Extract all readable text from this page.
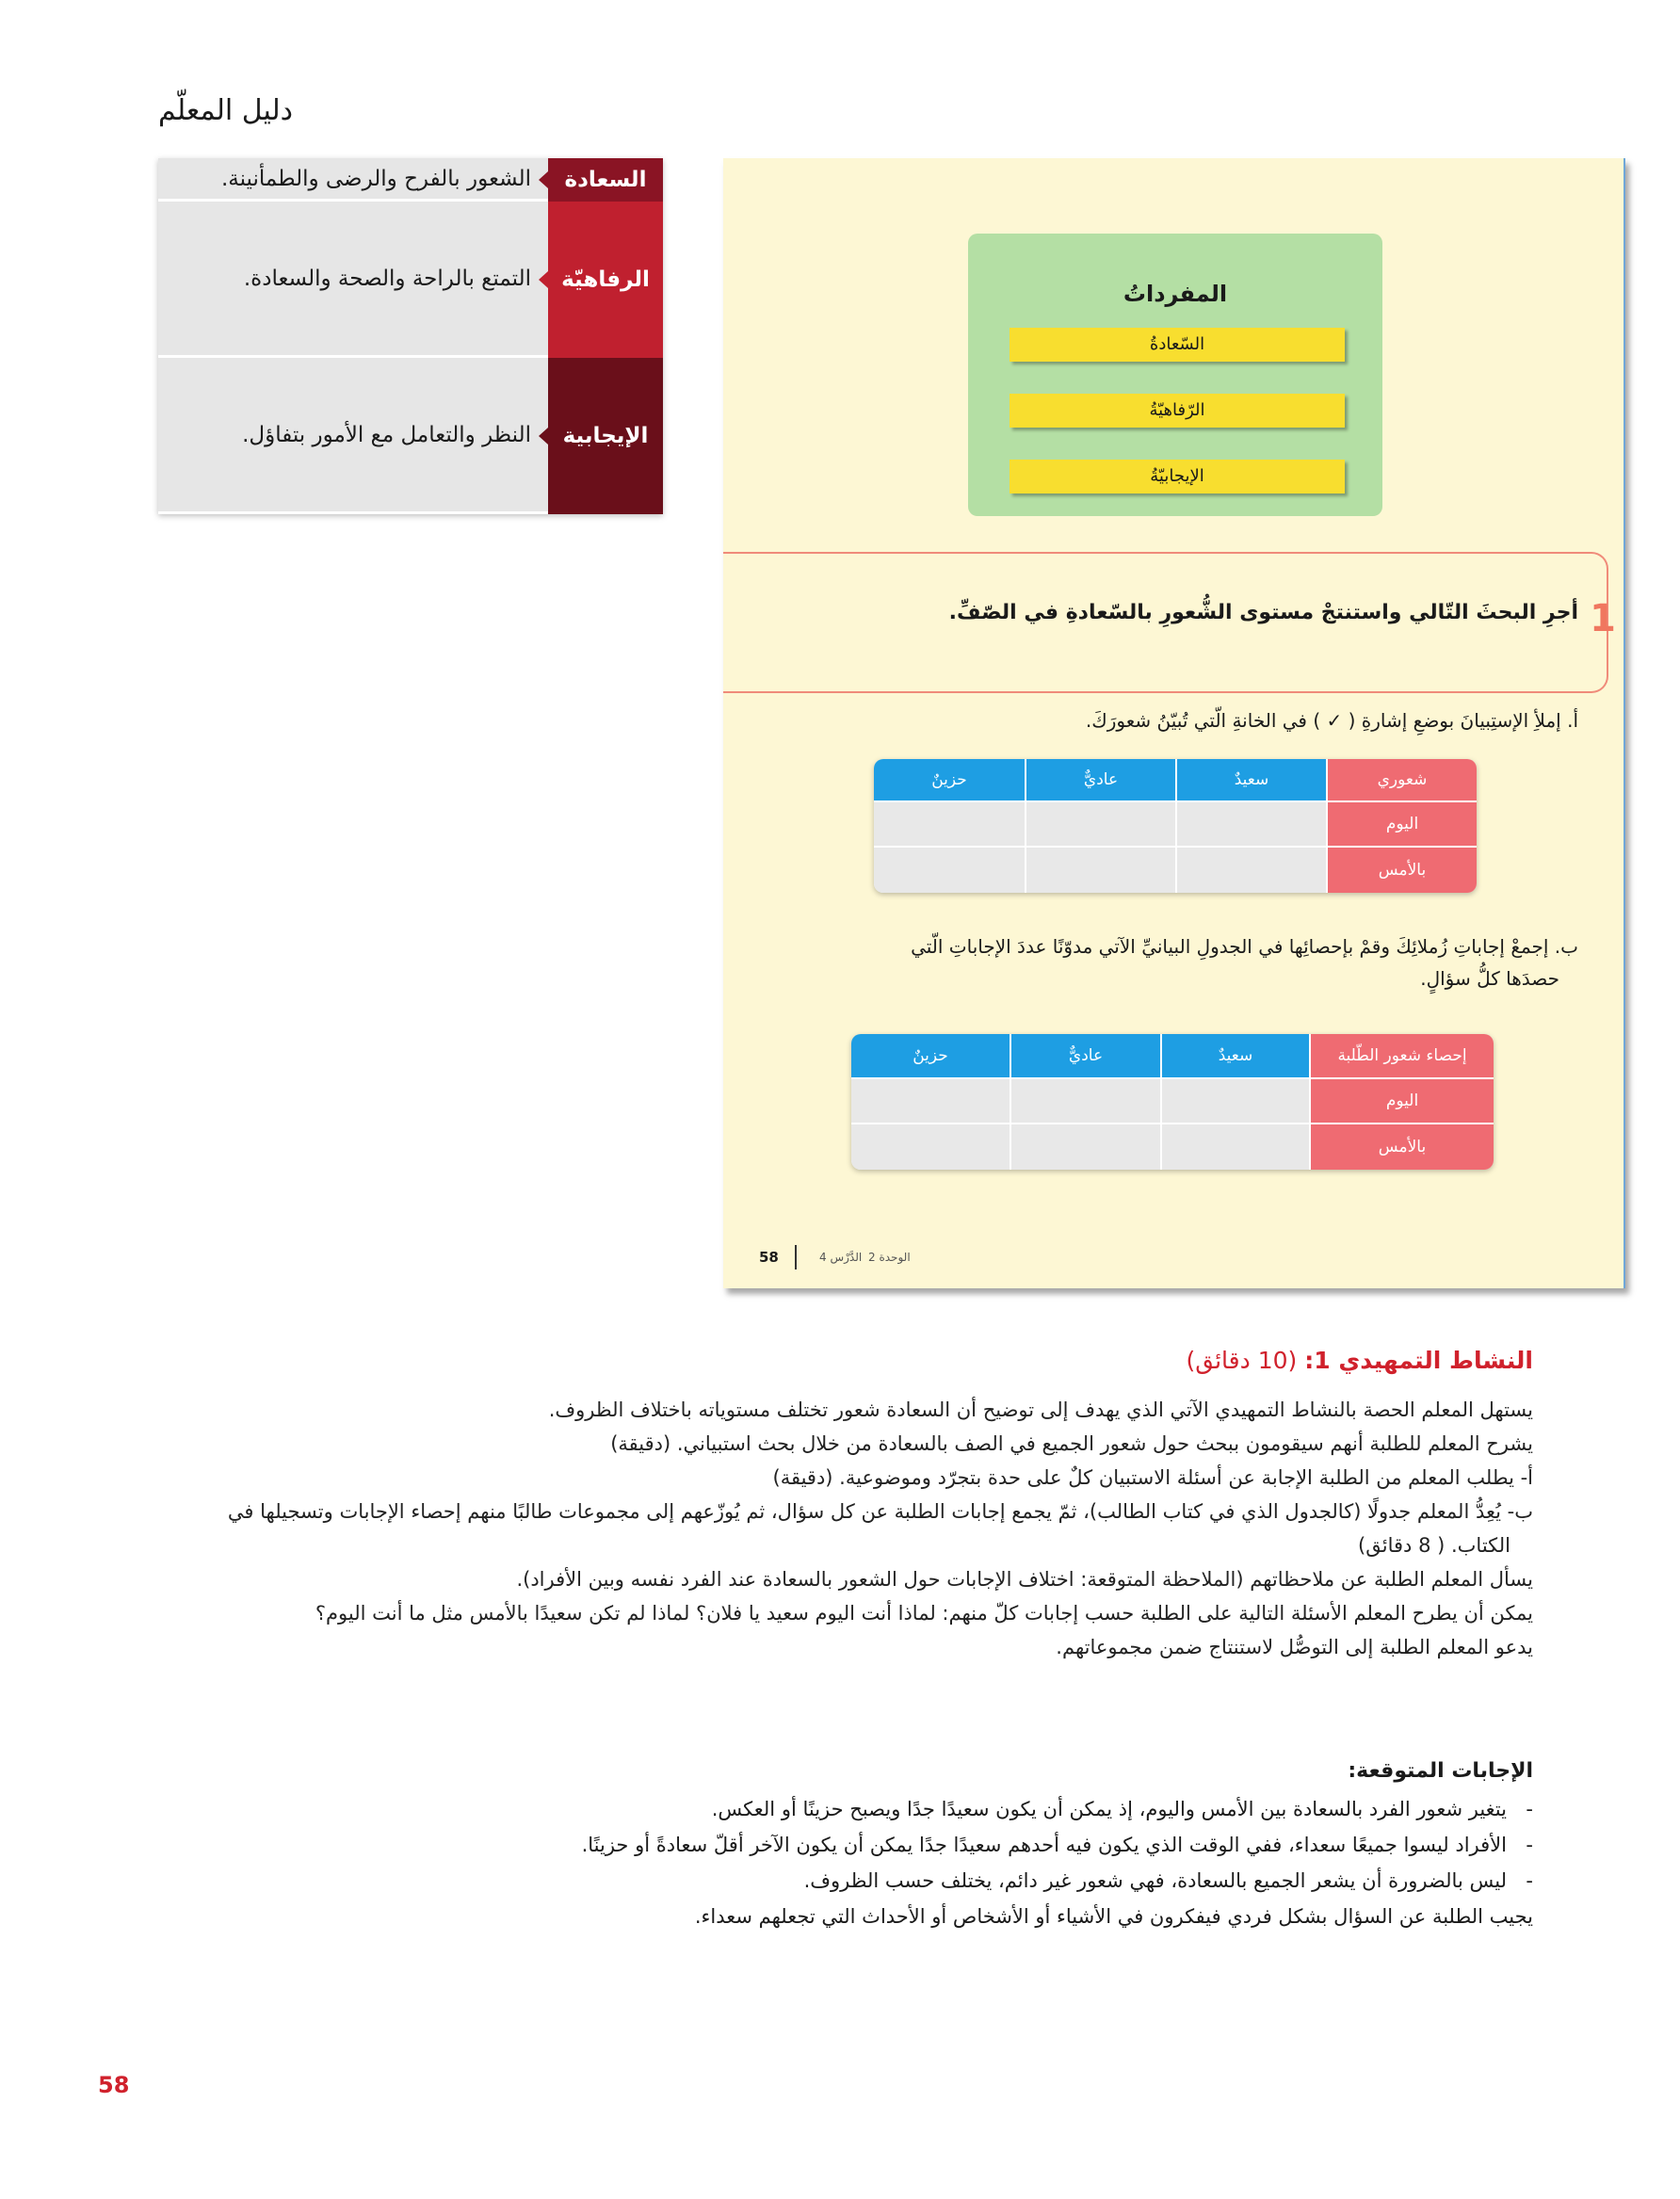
دليل المعلّم
السعادة
الشعور بالفرح والرضى والطمأنينة.
الرفاهيّة
التمتع بالراحة والصحة والسعادة.
الإيجابية
النظر والتعامل مع الأمور بتفاؤل.
المفرداتُ
السّعادةُ
الرّفاهيّةُ
الإيجابيّةُ
1
أجرِ البحثَ التّالي واستنتجْ مستوى الشُّعورِ بالسّعادةِ في الصّفِّ.
أ. إملأِ الإستِبيانَ بوضعِ إشارةِ ( ✓ ) في الخانةِ الّتي تُبيّنُ شعورَكَ.
شعوري
سعيدٌ
عاديٌّ
حزينٌ
اليوم
بالأمس
ب. إجمعْ إجاباتِ زُملائِكَ وقمْ بإحصائِها في الجدولِ البيانيِّ الآتي مدوّنًا عددَ الإجاباتِ الّتي
حصدَها كلُّ سؤالٍ.
إحصاء شعور الطّلبة
سعيدٌ
عاديٌّ
حزينٌ
اليوم
بالأمس
الدَّرْس 4 الوحدة 2
58
النشاط التمهيدي 1: (10 دقائق)
يستهل المعلم الحصة بالنشاط التمهيدي الآتي الذي يهدف إلى توضيح أن السعادة شعور تختلف مستوياته باختلاف الظروف.
يشرح المعلم للطلبة أنهم سيقومون ببحث حول شعور الجميع في الصف بالسعادة من خلال بحث استبياني. (دقيقة)
أ- يطلب المعلم من الطلبة الإجابة عن أسئلة الاستبيان كلٌ على حدة بتجرّد وموضوعية. (دقيقة)
ب- يُعِدُّ المعلم جدولًا (كالجدول الذي في كتاب الطالب)، ثمّ يجمع إجابات الطلبة عن كل سؤال، ثم يُوزّعهم إلى مجموعات طالبًا منهم إحصاء الإجابات وتسجيلها في
الكتاب. ( 8 دقائق)
يسأل المعلم الطلبة عن ملاحظاتهم (الملاحظة المتوقعة: اختلاف الإجابات حول الشعور بالسعادة عند الفرد نفسه وبين الأفراد).
يمكن أن يطرح المعلم الأسئلة التالية على الطلبة حسب إجابات كلّ منهم: لماذا أنت اليوم سعيد يا فلان؟ لماذا لم تكن سعيدًا بالأمس مثل ما أنت اليوم؟
يدعو المعلم الطلبة إلى التوصُّل لاستنتاج ضمن مجموعاتهم.
الإجابات المتوقعة:
-يتغير شعور الفرد بالسعادة بين الأمس واليوم، إذ يمكن أن يكون سعيدًا جدًا ويصبح حزينًا أو العكس.
-الأفراد ليسوا جميعًا سعداء، ففي الوقت الذي يكون فيه أحدهم سعيدًا جدًا يمكن أن يكون الآخر أقلّ سعادةً أو حزينًا.
-ليس بالضرورة أن يشعر الجميع بالسعادة، فهي شعور غير دائم، يختلف حسب الظروف.
يجيب الطلبة عن السؤال بشكل فردي فيفكرون في الأشياء أو الأشخاص أو الأحداث التي تجعلهم سعداء.
58
